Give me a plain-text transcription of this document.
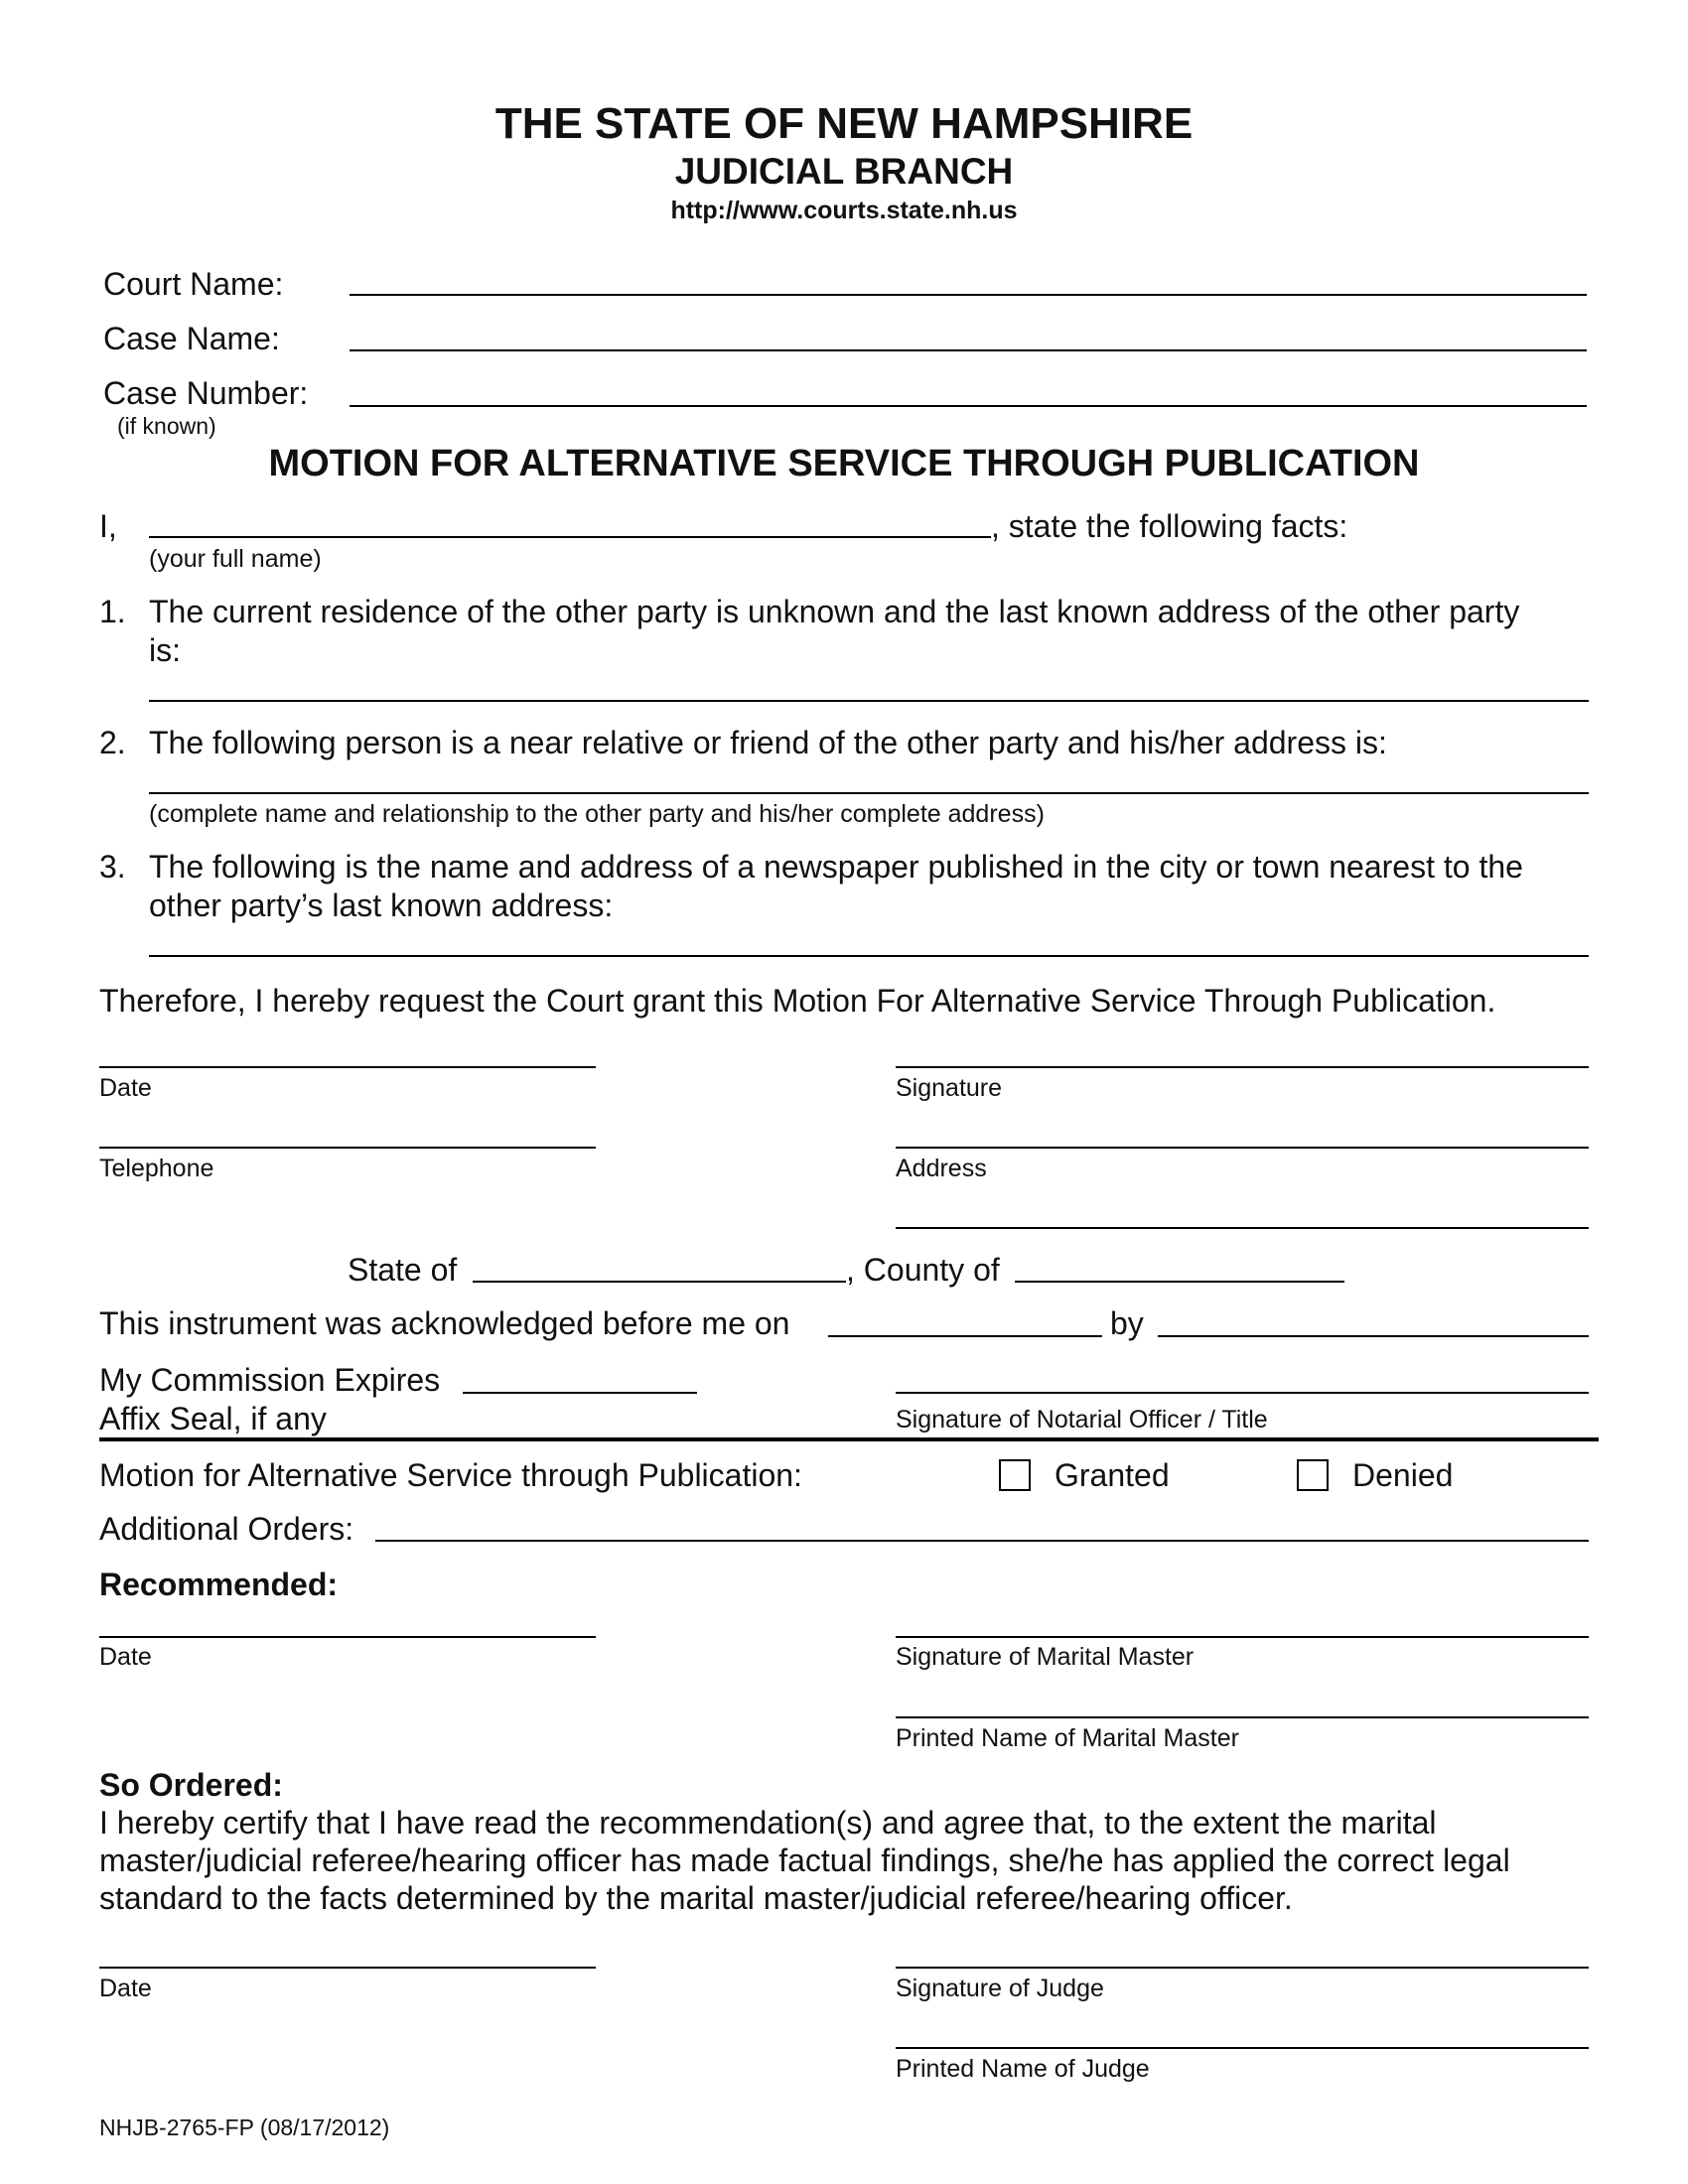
THE STATE OF NEW HAMPSHIRE
JUDICIAL BRANCH
http://www.courts.state.nh.us
Court Name:
Case Name:
Case Number:
(if known)
MOTION FOR ALTERNATIVE SERVICE THROUGH PUBLICATION
I,	, state the following facts:
(your full name)
1. The current residence of the other party is unknown and the last known address of the other party
is:
2. The following person is a near relative or friend of the other party and his/her address is:
(complete name and relationship to the other party and his/her complete address)
3. The following is the name and address of a newspaper published in the city or town nearest to the
other party’s last known address:
Therefore, I hereby request the Court grant this Motion For Alternative Service Through Publication.
Date	Signature
Telephone	Address
State of	, County of
This instrument was acknowledged before me on	by
My Commission Expires
Affix Seal, if any	Signature of Notarial Officer / Title
Motion for Alternative Service through Publication:	Granted	Denied
Additional Orders:
Recommended:
Date	Signature of Marital Master
Printed Name of Marital Master
So Ordered:
I hereby certify that I have read the recommendation(s) and agree that, to the extent the marital
master/judicial referee/hearing officer has made factual findings, she/he has applied the correct legal
standard to the facts determined by the marital master/judicial referee/hearing officer.
Date	Signature of Judge
Printed Name of Judge
NHJB-2765-FP (08/17/2012)
